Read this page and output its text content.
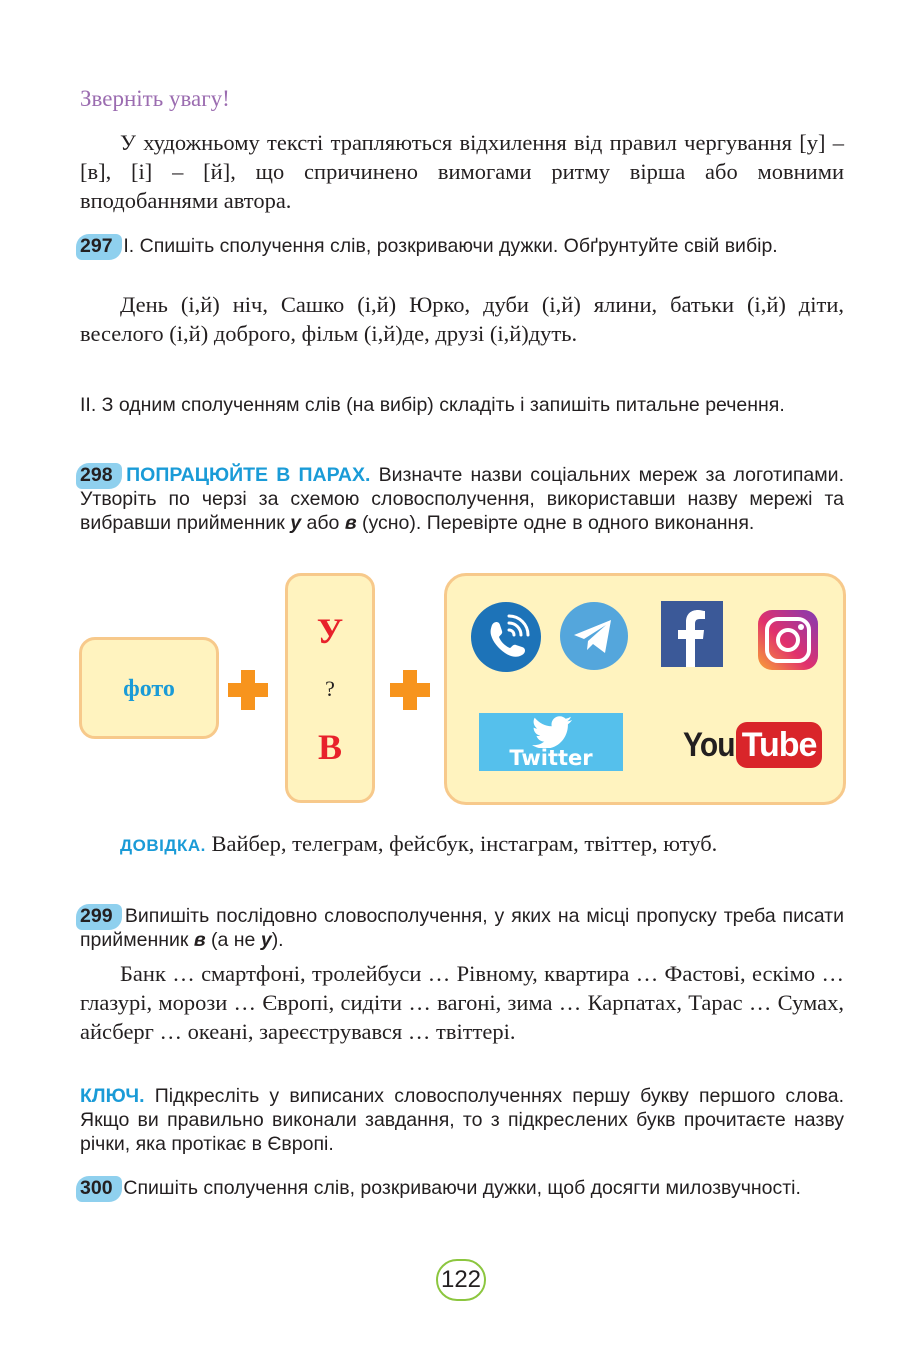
Зверніть увагу!
У художньому тексті трапляються відхилення від правил чергування [у] – [в], [і] – [й], що спричинено вимогами ритму вірша або мовними вподобаннями автора.
297. І. Спишіть сполучення слів, розкриваючи дужки. Обґрунтуйте свій вибір.
День (і,й) ніч, Сашко (і,й) Юрко, дуби (і,й) ялини, батьки (і,й) діти, веселого (і,й) доброго, фільм (і,й)де, друзі (і,й)дуть.
ІІ. З одним сполученням слів (на вибір) складіть і запишіть питальне речення.
298. ПОПРАЦЮЙТЕ В ПАРАХ. Визначте назви соціальних мереж за логотипами. Утворіть по черзі за схемою словосполучення, використавши назву мережі та вибравши прийменник у або в (усно). Перевірте одне в одного виконання.
фото
У
?
В	Twitter	You Tube
ДОВІДКА. Вайбер, телеграм, фейсбук, інстаграм, твіттер, ютуб.
299. Випишіть послідовно словосполучення, у яких на місці пропуску треба писати прийменник в (а не у).
Банк … смартфоні, тролейбуси … Рівному, квартира … Фастові, ескімо … глазурі, морози … Європі, сидіти … вагоні, зима … Карпатах, Тарас … Сумах, айсберг … океані, зареєструвався … твіттері.
КЛЮЧ. Підкресліть у виписаних словосполученнях першу букву першого слова. Якщо ви правильно виконали завдання, то з підкреслених букв прочитаєте назву річки, яка протікає в Європі.
300. Спишіть сполучення слів, розкриваючи дужки, щоб досягти милозвучності.
122
